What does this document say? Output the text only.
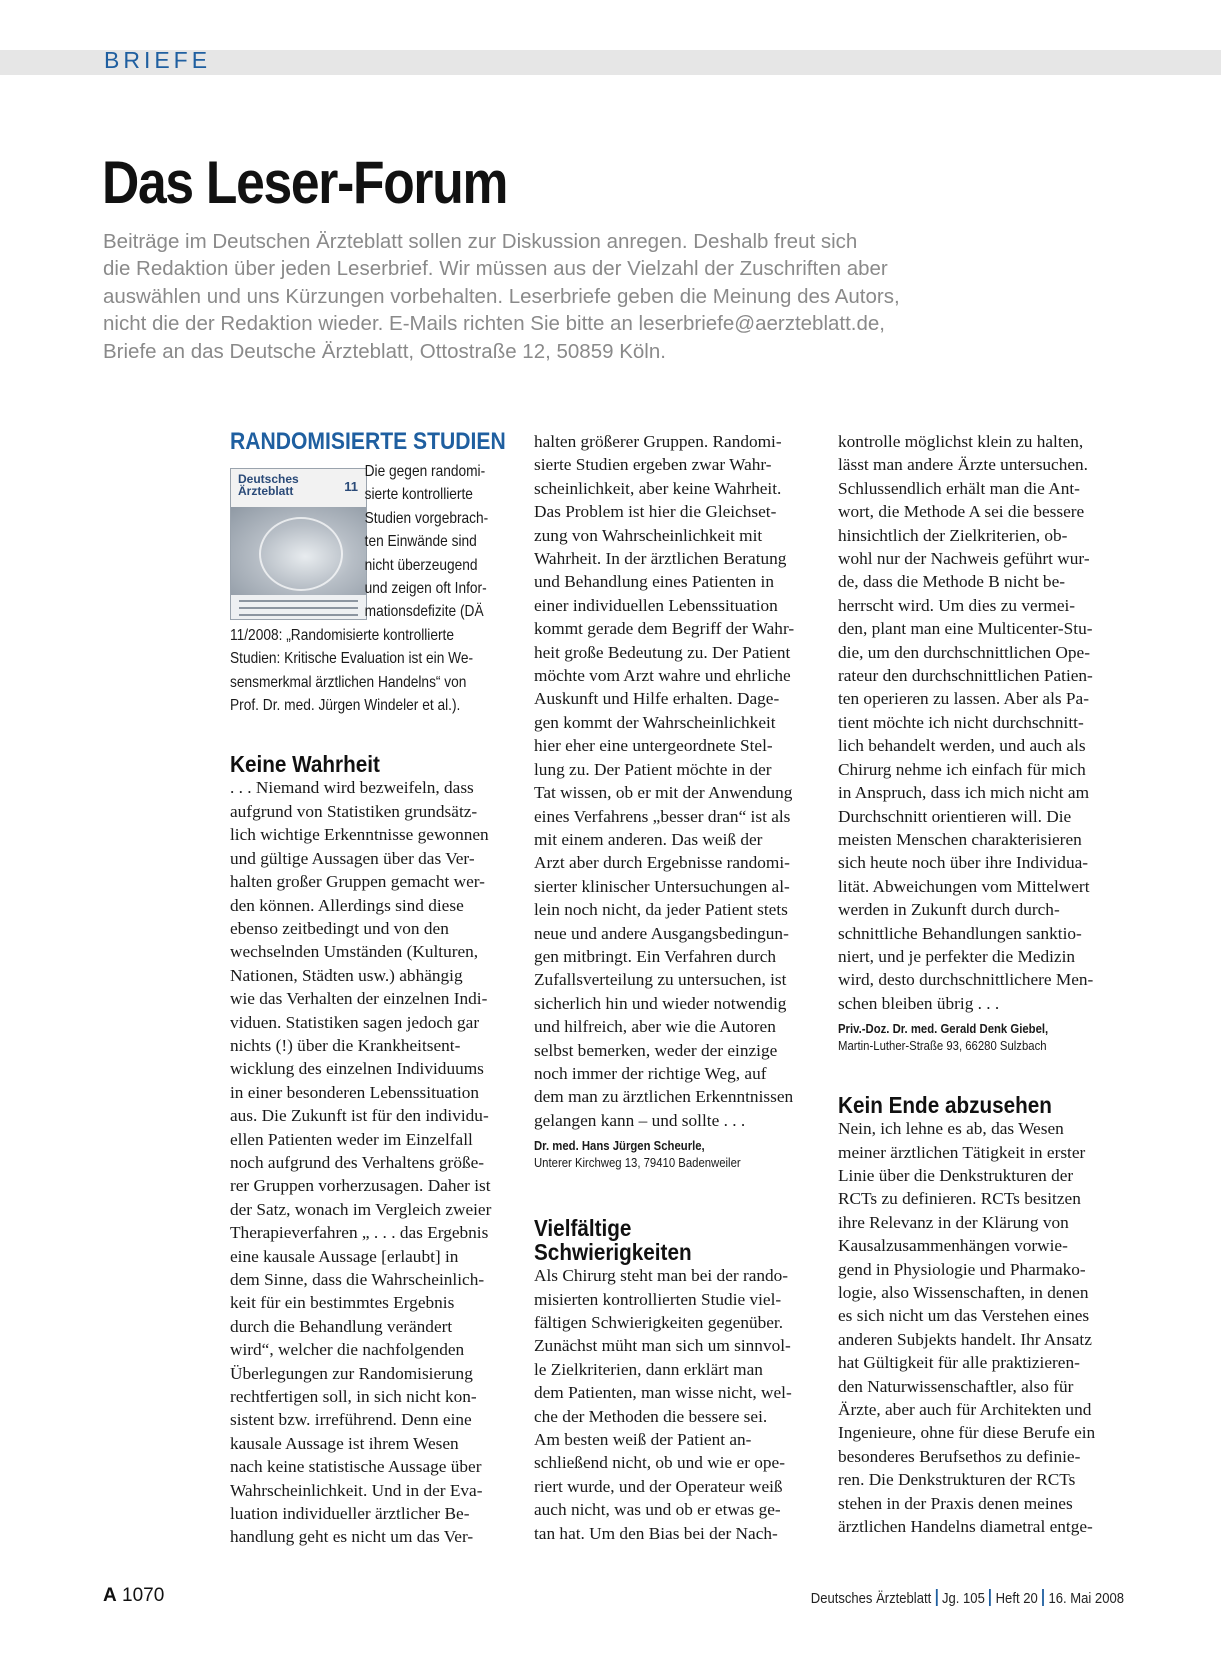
BRIEFE
Das Leser-Forum
Beiträge im Deutschen Ärzteblatt sollen zur Diskussion anregen. Deshalb freut sich
die Redaktion über jeden Leserbrief. Wir müssen aus der Vielzahl der Zuschriften aber
auswählen und uns Kürzungen vorbehalten. Leserbriefe geben die Meinung des Autors,
nicht die der Redaktion wieder. E-Mails richten Sie bitte an leserbriefe@aerzteblatt.de,
Briefe an das Deutsche Ärzteblatt, Ottostraße 12, 50859 Köln.
RANDOMISIERTE STUDIEN
Deutsches
Ärzteblatt	11
Die gegen randomi-
sierte kontrollierte
Studien vorgebrach-
ten Einwände sind
nicht überzeugend
und zeigen oft Infor-
mationsdefizite (DÄ
11/2008: „Randomisierte kontrollierte
Studien: Kritische Evaluation ist ein We-
sensmerkmal ärztlichen Handelns“ von
Prof. Dr. med. Jürgen Windeler et al.).
Keine Wahrheit
. . . Niemand wird bezweifeln, dass
aufgrund von Statistiken grundsätz-
lich wichtige Erkenntnisse gewonnen
und gültige Aussagen über das Ver-
halten großer Gruppen gemacht wer-
den können. Allerdings sind diese
ebenso zeitbedingt und von den
wechselnden Umständen (Kulturen,
Nationen, Städten usw.) abhängig
wie das Verhalten der einzelnen Indi-
viduen. Statistiken sagen jedoch gar
nichts (!) über die Krankheitsent-
wicklung des einzelnen Individuums
in einer besonderen Lebenssituation
aus. Die Zukunft ist für den individu-
ellen Patienten weder im Einzelfall
noch aufgrund des Verhaltens größe-
rer Gruppen vorherzusagen. Daher ist
der Satz, wonach im Vergleich zweier
Therapieverfahren „ . . . das Ergebnis
eine kausale Aussage [erlaubt] in
dem Sinne, dass die Wahrscheinlich-
keit für ein bestimmtes Ergebnis
durch die Behandlung verändert
wird“, welcher die nachfolgenden
Überlegungen zur Randomisierung
rechtfertigen soll, in sich nicht kon-
sistent bzw. irreführend. Denn eine
kausale Aussage ist ihrem Wesen
nach keine statistische Aussage über
Wahrscheinlichkeit. Und in der Eva-
luation individueller ärztlicher Be-
handlung geht es nicht um das Ver-
halten größerer Gruppen. Randomi-
sierte Studien ergeben zwar Wahr-
scheinlichkeit, aber keine Wahrheit.
Das Problem ist hier die Gleichset-
zung von Wahrscheinlichkeit mit
Wahrheit. In der ärztlichen Beratung
und Behandlung eines Patienten in
einer individuellen Lebenssituation
kommt gerade dem Begriff der Wahr-
heit große Bedeutung zu. Der Patient
möchte vom Arzt wahre und ehrliche
Auskunft und Hilfe erhalten. Dage-
gen kommt der Wahrscheinlichkeit
hier eher eine untergeordnete Stel-
lung zu. Der Patient möchte in der
Tat wissen, ob er mit der Anwendung
eines Verfahrens „besser dran“ ist als
mit einem anderen. Das weiß der
Arzt aber durch Ergebnisse randomi-
sierter klinischer Untersuchungen al-
lein noch nicht, da jeder Patient stets
neue und andere Ausgangsbedingun-
gen mitbringt. Ein Verfahren durch
Zufallsverteilung zu untersuchen, ist
sicherlich hin und wieder notwendig
und hilfreich, aber wie die Autoren
selbst bemerken, weder der einzige
noch immer der richtige Weg, auf
dem man zu ärztlichen Erkenntnissen
gelangen kann – und sollte . . .
Dr. med. Hans Jürgen Scheurle,
Unterer Kirchweg 13, 79410 Badenweiler
Vielfältige
Schwierigkeiten
Als Chirurg steht man bei der rando-
misierten kontrollierten Studie viel-
fältigen Schwierigkeiten gegenüber.
Zunächst müht man sich um sinnvol-
le Zielkriterien, dann erklärt man
dem Patienten, man wisse nicht, wel-
che der Methoden die bessere sei.
Am besten weiß der Patient an-
schließend nicht, ob und wie er ope-
riert wurde, und der Operateur weiß
auch nicht, was und ob er etwas ge-
tan hat. Um den Bias bei der Nach-
kontrolle möglichst klein zu halten,
lässt man andere Ärzte untersuchen.
Schlussendlich erhält man die Ant-
wort, die Methode A sei die bessere
hinsichtlich der Zielkriterien, ob-
wohl nur der Nachweis geführt wur-
de, dass die Methode B nicht be-
herrscht wird. Um dies zu vermei-
den, plant man eine Multicenter-Stu-
die, um den durchschnittlichen Ope-
rateur den durchschnittlichen Patien-
ten operieren zu lassen. Aber als Pa-
tient möchte ich nicht durchschnitt-
lich behandelt werden, und auch als
Chirurg nehme ich einfach für mich
in Anspruch, dass ich mich nicht am
Durchschnitt orientieren will. Die
meisten Menschen charakterisieren
sich heute noch über ihre Individua-
lität. Abweichungen vom Mittelwert
werden in Zukunft durch durch-
schnittliche Behandlungen sanktio-
niert, und je perfekter die Medizin
wird, desto durchschnittlichere Men-
schen bleiben übrig . . .
Priv.-Doz. Dr. med. Gerald Denk Giebel,
Martin-Luther-Straße 93, 66280 Sulzbach
Kein Ende abzusehen
Nein, ich lehne es ab, das Wesen
meiner ärztlichen Tätigkeit in erster
Linie über die Denkstrukturen der
RCTs zu definieren. RCTs besitzen
ihre Relevanz in der Klärung von
Kausalzusammenhängen vorwie-
gend in Physiologie und Pharmako-
logie, also Wissenschaften, in denen
es sich nicht um das Verstehen eines
anderen Subjekts handelt. Ihr Ansatz
hat Gültigkeit für alle praktizieren-
den Naturwissenschaftler, also für
Ärzte, aber auch für Architekten und
Ingenieure, ohne für diese Berufe ein
besonderes Berufsethos zu definie-
ren. Die Denkstrukturen der RCTs
stehen in der Praxis denen meines
ärztlichen Handelns diametral entge-
A 1070	Deutsches Ärzteblatt Jg. 105 Heft 20 16. Mai 2008
